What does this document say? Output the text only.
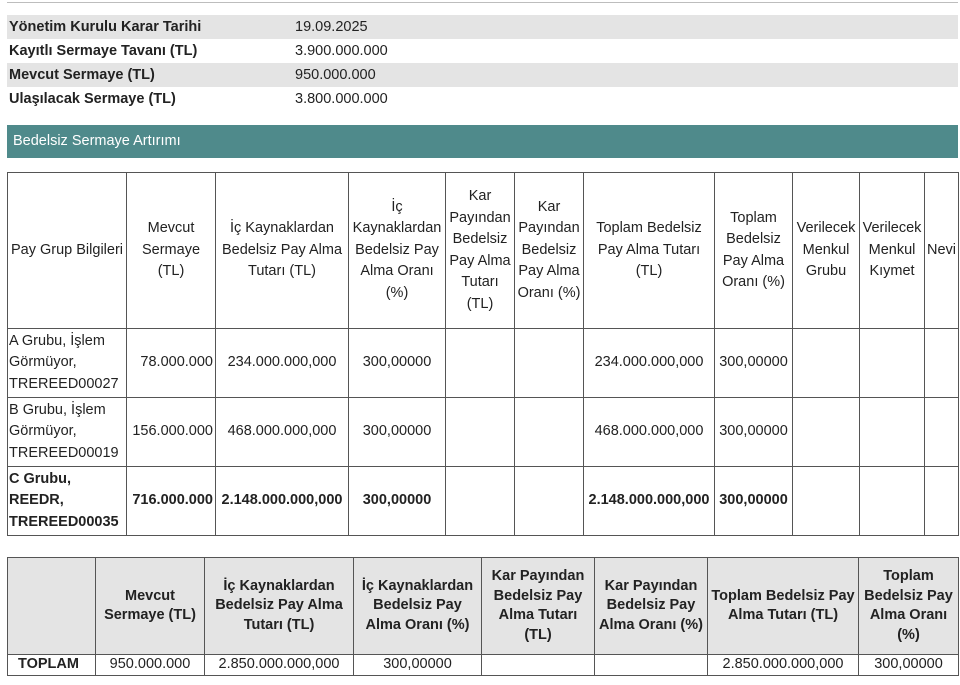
Yönetim Kurulu Karar Tarihi	19.09.2025
Kayıtlı Sermaye Tavanı (TL)	3.900.000.000
Mevcut Sermaye (TL)	950.000.000
Ulaşılacak Sermaye (TL)	3.800.000.000
Bedelsiz Sermaye Artırımı
Pay Grup Bilgileri	Mevcut Sermaye (TL)	İç Kaynaklardan Bedelsiz Pay Alma Tutarı (TL)	İç Kaynaklardan Bedelsiz Pay Alma Oranı (%)	Kar Payından Bedelsiz Pay Alma Tutarı (TL)	Kar Payından Bedelsiz Pay Alma Oranı (%)	Toplam Bedelsiz Pay Alma Tutarı (TL)	Toplam Bedelsiz Pay Alma Oranı (%)	Verilecek Menkul Grubu	Verilecek Menkul Kıymet	Nevi
A Grubu, İşlem Görmüyor, TREREED00027	78.000.000	234.000.000,000	300,00000			234.000.000,000	300,00000			
B Grubu, İşlem Görmüyor, TREREED00019	156.000.000	468.000.000,000	300,00000			468.000.000,000	300,00000			
C Grubu, REEDR, TREREED00035	716.000.000	2.148.000.000,000	300,00000			2.148.000.000,000	300,00000			
	Mevcut Sermaye (TL)	İç Kaynaklardan Bedelsiz Pay Alma Tutarı (TL)	İç Kaynaklardan Bedelsiz Pay Alma Oranı (%)	Kar Payından Bedelsiz Pay Alma Tutarı (TL)	Kar Payından Bedelsiz Pay Alma Oranı (%)	Toplam Bedelsiz Pay Alma Tutarı (TL)	Toplam Bedelsiz Pay Alma Oranı (%)
TOPLAM	950.000.000	2.850.000.000,000	300,00000			2.850.000.000,000	300,00000
